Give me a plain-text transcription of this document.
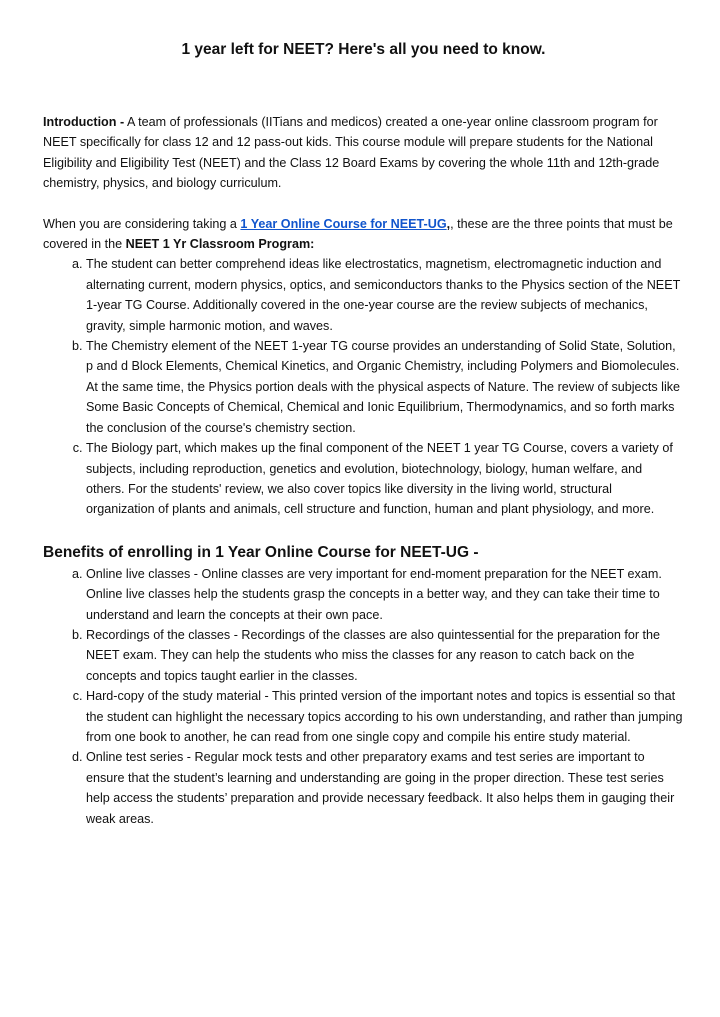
1 year left for NEET? Here's all you need to know.

Introduction - A team of professionals (IITians and medicos) created a one-year online classroom program for NEET specifically for class 12 and 12 pass-out kids. This course module will prepare students for the National Eligibility and Eligibility Test (NEET) and the Class 12 Board Exams by covering the whole 11th and 12th-grade chemistry, physics, and biology curriculum.

When you are considering taking a 1 Year Online Course for NEET-UG,, these are the three points that must be covered in the NEET 1 Yr Classroom Program:

a. The student can better comprehend ideas like electrostatics, magnetism, electromagnetic induction and alternating current, modern physics, optics, and semiconductors thanks to the Physics section of the NEET 1-year TG Course. Additionally covered in the one-year course are the review subjects of mechanics, gravity, simple harmonic motion, and waves.
b. The Chemistry element of the NEET 1-year TG course provides an understanding of Solid State, Solution, p and d Block Elements, Chemical Kinetics, and Organic Chemistry, including Polymers and Biomolecules. At the same time, the Physics portion deals with the physical aspects of Nature. The review of subjects like Some Basic Concepts of Chemical, Chemical and Ionic Equilibrium, Thermodynamics, and so forth marks the conclusion of the course's chemistry section.
c. The Biology part, which makes up the final component of the NEET 1 year TG Course, covers a variety of subjects, including reproduction, genetics and evolution, biotechnology, biology, human welfare, and others. For the students' review, we also cover topics like diversity in the living world, structural organization of plants and animals, cell structure and function, human and plant physiology, and more.
Benefits of enrolling in 1 Year Online Course for NEET-UG -
a. Online live classes - Online classes are very important for end-moment preparation for the NEET exam. Online live classes help the students grasp the concepts in a better way, and they can take their time to understand and learn the concepts at their own pace.
b. Recordings of the classes - Recordings of the classes are also quintessential for the preparation for the NEET exam. They can help the students who miss the classes for any reason to catch back on the concepts and topics taught earlier in the classes.
c. Hard-copy of the study material - This printed version of the important notes and topics is essential so that the student can highlight the necessary topics according to his own understanding, and rather than jumping from one book to another, he can read from one single copy and compile his entire study material.
d. Online test series - Regular mock tests and other preparatory exams and test series are important to ensure that the student’s learning and understanding are going in the proper direction. These test series help access the students’ preparation and provide necessary feedback. It also helps them in gauging their weak areas.
